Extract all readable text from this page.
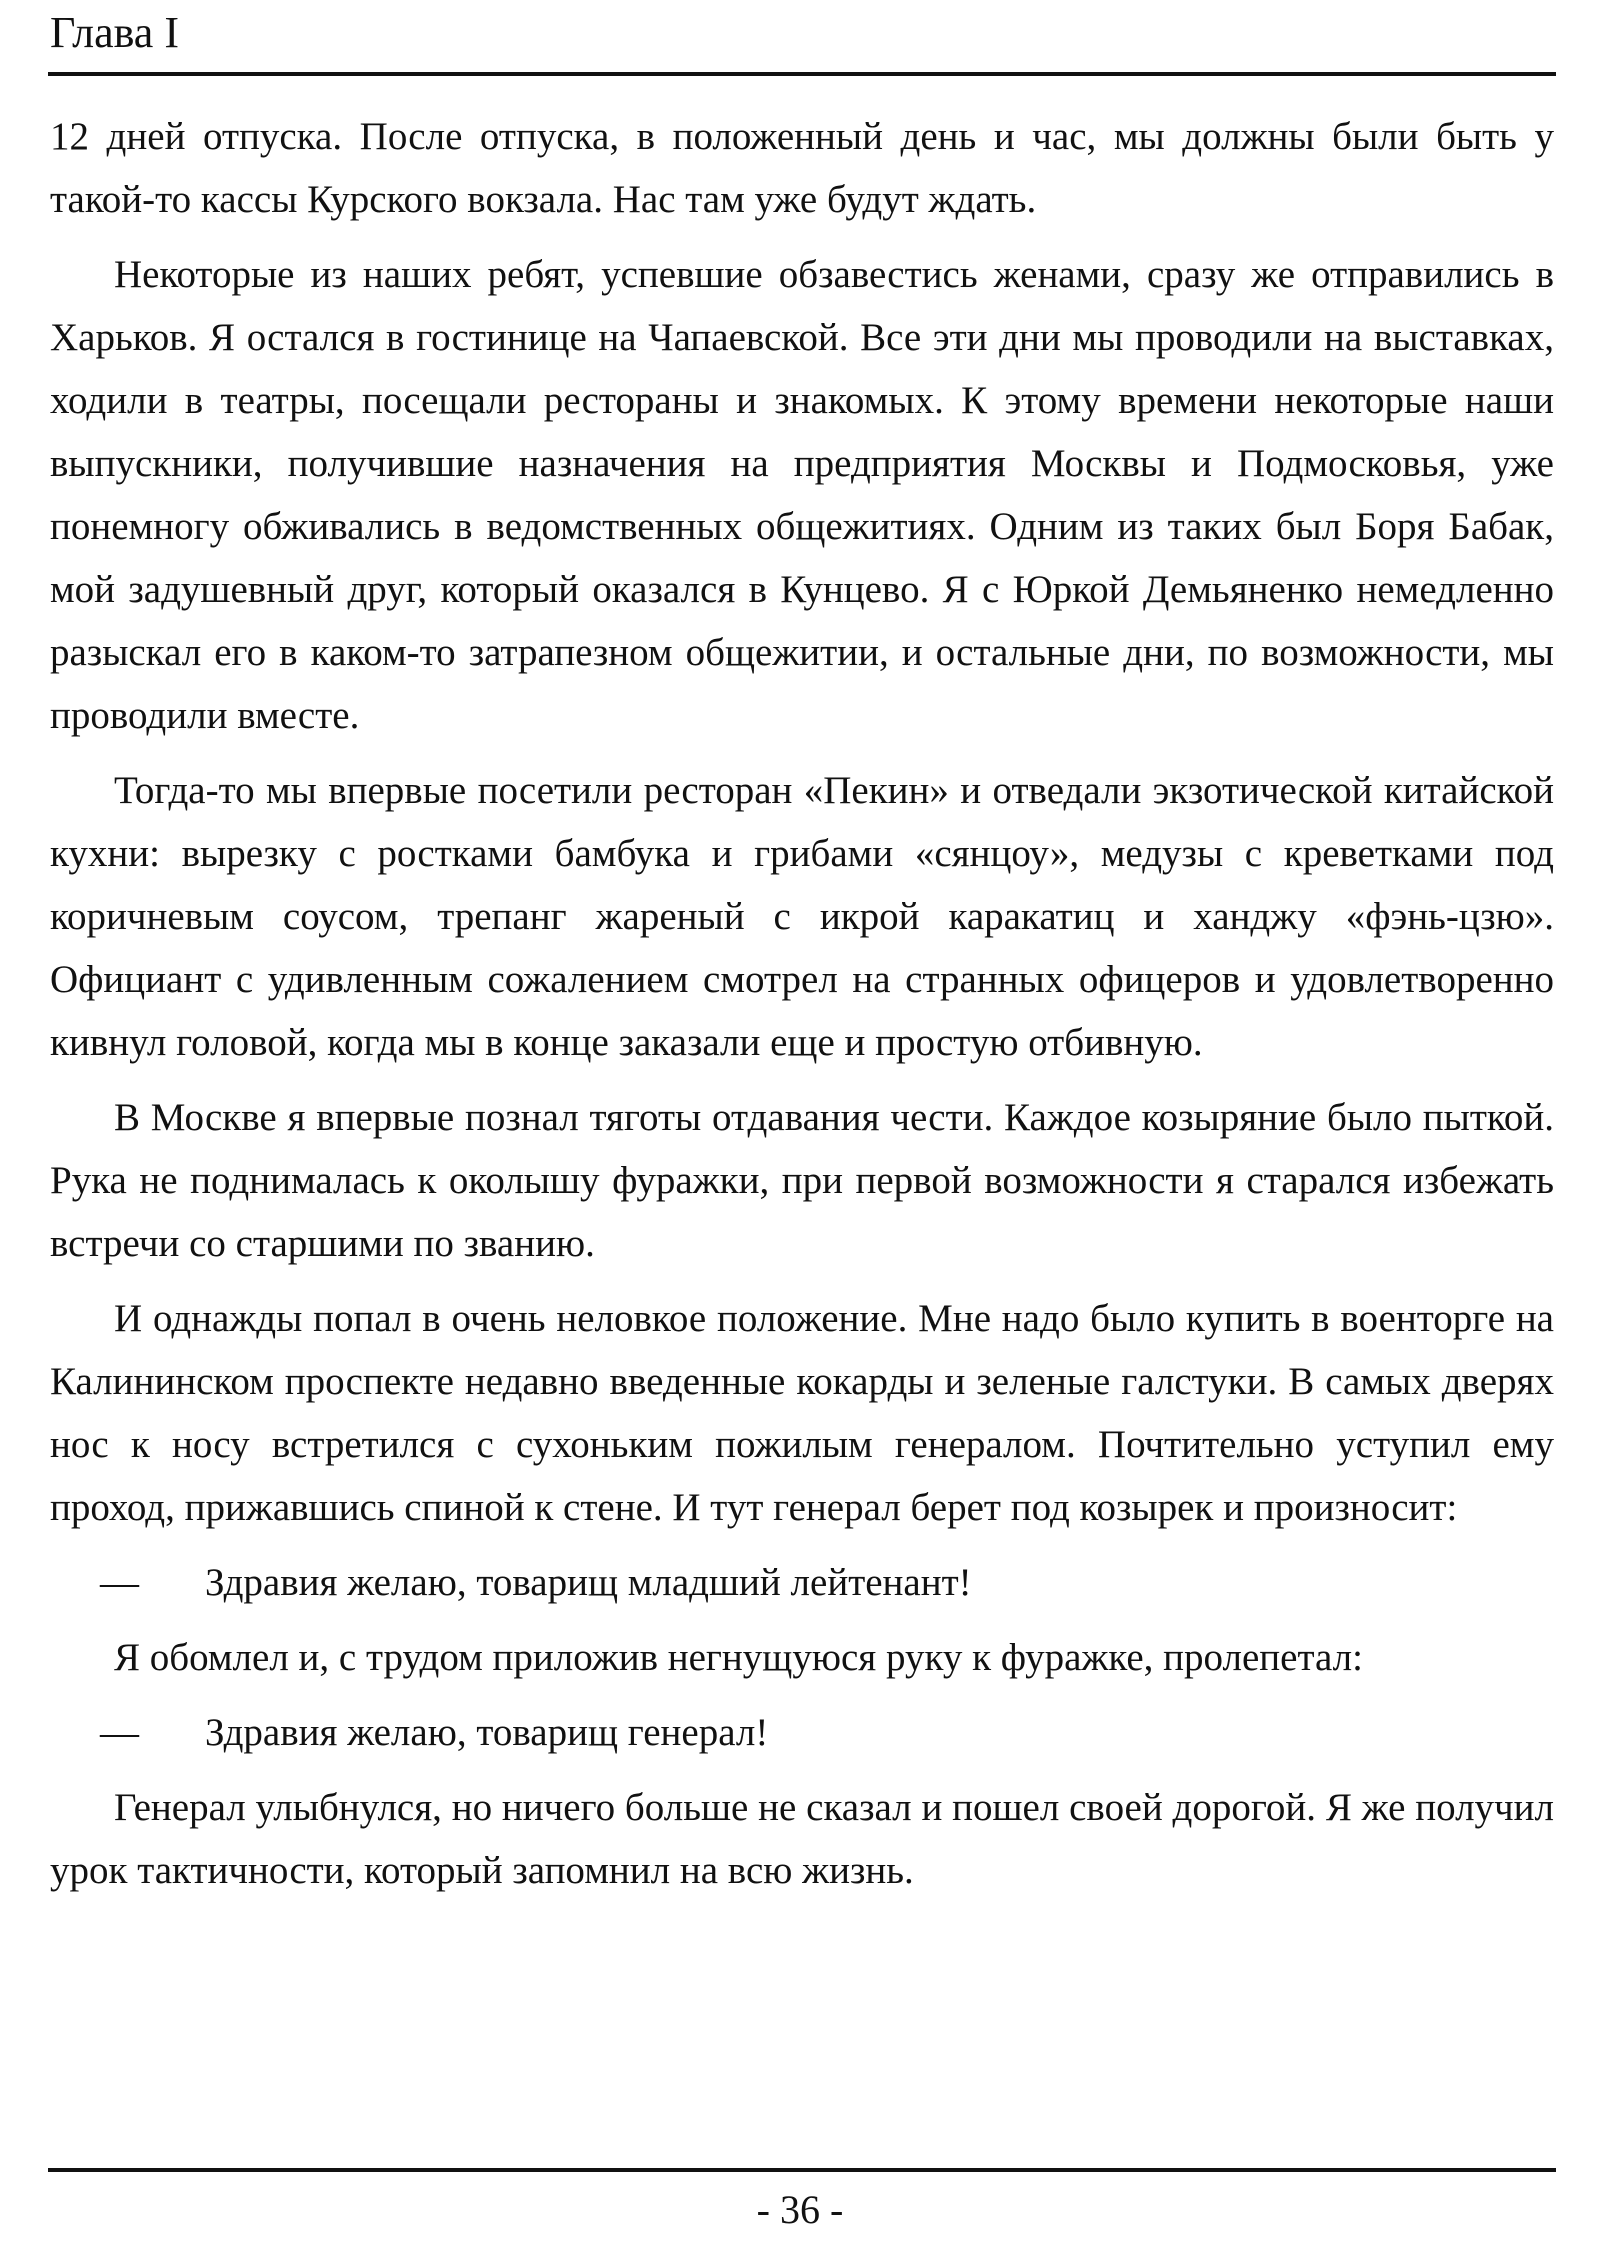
Глава I

12 дней отпуска. После отпуска, в положенный день и час, мы должны были быть у такой-то кассы Курского вокзала. Нас там уже будут ждать.

Некоторые из наших ребят, успевшие обзавестись женами, сразу же отправились в Харьков. Я остался в гостинице на Чапаевской. Все эти дни мы проводили на выставках, ходили в театры, посещали рестораны и знакомых. К этому времени некоторые наши выпускники, получившие назначения на предприятия Москвы и Подмосковья, уже понемногу обживались в ведомственных общежитиях. Одним из таких был Боря Бабак, мой задушевный друг, который оказался в Кунцево. Я с Юркой Демьяненко немедленно разыскал его в каком-то затрапезном общежитии, и остальные дни, по возможности, мы проводили вместе.

Тогда-то мы впервые посетили ресторан «Пекин» и отведали экзотической китайской кухни: вырезку с ростками бамбука и грибами «сянцоу», медузы с креветками под коричневым соусом, трепанг жареный с икрой каракатиц и ханджу «фэнь-цзю». Официант с удивленным сожалением смотрел на странных офицеров и удовлетворенно кивнул головой, когда мы в конце заказали еще и простую отбивную.

В Москве я впервые познал тяготы отдавания чести. Каждое козыряние было пыткой. Рука не поднималась к околышу фуражки, при первой возможности я старался избежать встречи со старшими по званию.

И однажды попал в очень неловкое положение. Мне надо было купить в военторге на Калининском проспекте недавно введенные кокарды и зеленые галстуки. В самых дверях нос к носу встретился с сухоньким пожилым генералом. Почтительно уступил ему проход, прижавшись спиной к стене. И тут генерал берет под козырек и произносит:

— Здравия желаю, товарищ младший лейтенант!

Я обомлел и, с трудом приложив негнущуюся руку к фуражке, пролепетал:

— Здравия желаю, товарищ генерал!

Генерал улыбнулся, но ничего больше не сказал и пошел своей дорогой. Я же получил урок тактичности, который запомнил на всю жизнь.

- 36 -
